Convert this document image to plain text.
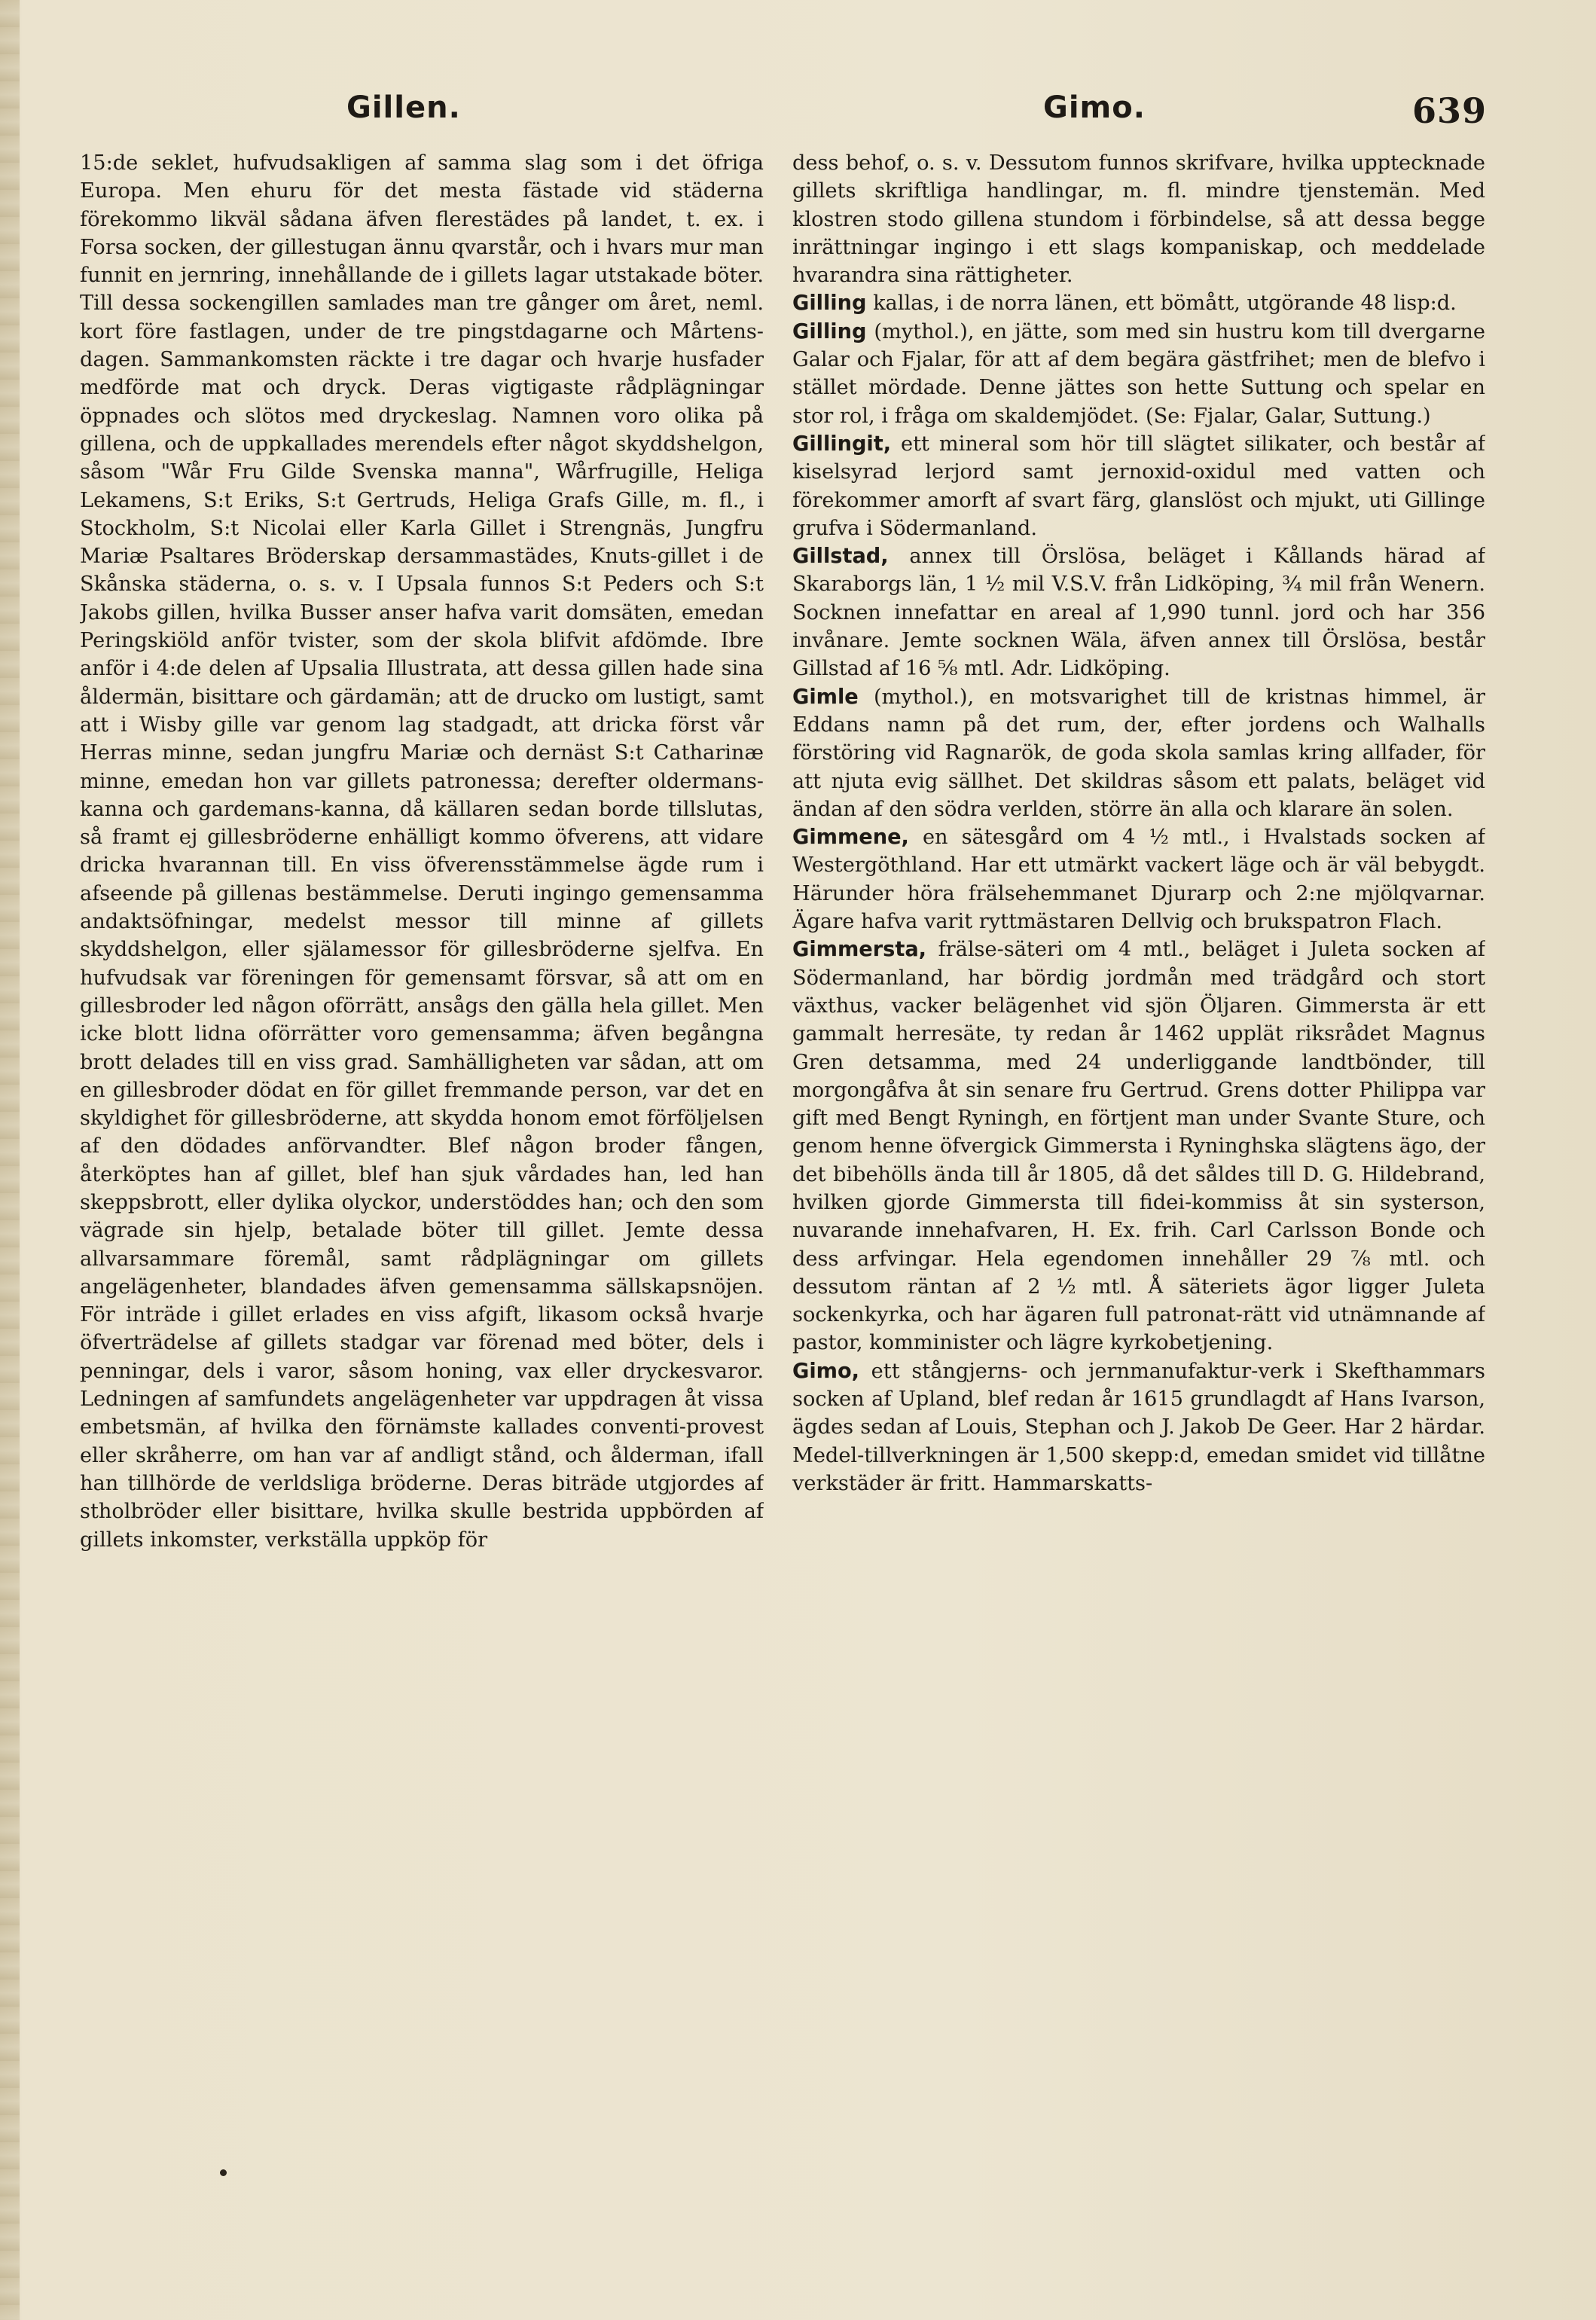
Gillen.	Gimo.	639

15:de seklet, hufvudsakligen af samma slag som i det öfriga Europa. Men ehuru för det mesta fästade vid städerna förekommo likväl sådana äfven flerestädes på landet, t. ex. i Forsa socken, der gillestugan ännu qvarstår, och i hvars mur man funnit en jernring, innehållande de i gillets lagar utstakade böter. Till dessa sockengillen samlades man tre gånger om året, neml. kort före fastlagen, under de tre pingstdagarne och Mårtens-dagen. Sammankomsten räckte i tre dagar och hvarje husfader medförde mat och dryck. Deras vigtigaste rådplägningar öppnades och slötos med dryckeslag. Namnen voro olika på gillena, och de uppkallades merendels efter något skyddshelgon, såsom "Wår Fru Gilde Svenska manna", Wårfrugille, Heliga Lekamens, S:t Eriks, S:t Gertruds, Heliga Grafs Gille, m. fl., i Stockholm, S:t Nicolai eller Karla Gillet i Strengnäs, Jungfru Mariæ Psaltares Bröderskap dersammastädes, Knuts-gillet i de Skånska städerna, o. s. v. I Upsala funnos S:t Peders och S:t Jakobs gillen, hvilka Busser anser hafva varit domsäten, emedan Peringskiöld anför tvister, som der skola blifvit afdömde. Ibre anför i 4:de delen af Upsalia Illustrata, att dessa gillen hade sina åldermän, bisittare och gärdamän; att de drucko om lustigt, samt att i Wisby gille var genom lag stadgadt, att dricka först vår Herras minne, sedan jungfru Mariæ och dernäst S:t Catharinæ minne, emedan hon var gillets patronessa; derefter oldermans-kanna och gardemans-kanna, då källaren sedan borde tillslutas, så framt ej gillesbröderne enhälligt kommo öfverens, att vidare dricka hvarannan till. En viss öfverensstämmelse ägde rum i afseende på gillenas bestämmelse. Deruti ingingo gemensamma andaktsöfningar, medelst messor till minne af gillets skyddshelgon, eller själamessor för gillesbröderne sjelfva. En hufvudsak var föreningen för gemensamt försvar, så att om en gillesbroder led någon oförrätt, ansågs den gälla hela gillet. Men icke blott lidna oförrätter voro gemensamma; äfven begångna brott delades till en viss grad. Samhälligheten var sådan, att om en gillesbroder dödat en för gillet fremmande person, var det en skyldighet för gillesbröderne, att skydda honom emot förföljelsen af den dödades anförvandter. Blef någon broder fången, återköptes han af gillet, blef han sjuk vårdades han, led han skeppsbrott, eller dylika olyckor, understöddes han; och den som vägrade sin hjelp, betalade böter till gillet. Jemte dessa allvarsammare föremål, samt rådplägningar om gillets angelägenheter, blandades äfven gemensamma sällskapsnöjen. För inträde i gillet erlades en viss afgift, likasom också hvarje öfverträdelse af gillets stadgar var förenad med böter, dels i penningar, dels i varor, såsom honing, vax eller dryckesvaror. Ledningen af samfundets angelägenheter var uppdragen åt vissa embetsmän, af hvilka den förnämste kallades conventi-provest eller skråherre, om han var af andligt stånd, och ålderman, ifall han tillhörde de verldsliga bröderne. Deras biträde utgjordes af stholbröder eller bisittare, hvilka skulle bestrida uppbörden af gillets inkomster, verkställa uppköp för

dess behof, o. s. v. Dessutom funnos skrifvare, hvilka upptecknade gillets skriftliga handlingar, m. fl. mindre tjenstemän. Med klostren stodo gillena stundom i förbindelse, så att dessa begge inrättningar ingingo i ett slags kompaniskap, och meddelade hvarandra sina rättigheter.

Gilling kallas, i de norra länen, ett bömått, utgörande 48 lisp:d.

Gilling (mythol.), en jätte, som med sin hustru kom till dvergarne Galar och Fjalar, för att af dem begära gästfrihet; men de blefvo i stället mördade. Denne jättes son hette Suttung och spelar en stor rol, i fråga om skaldemjödet. (Se: Fjalar, Galar, Suttung.)

Gillingit, ett mineral som hör till slägtet silikater, och består af kiselsyrad lerjord samt jernoxid-oxidul med vatten och förekommer amorft af svart färg, glanslöst och mjukt, uti Gillinge grufva i Södermanland.

Gillstad, annex till Örslösa, beläget i Kållands härad af Skaraborgs län, 1 ½ mil V.S.V. från Lidköping, ¾ mil från Wenern. Socknen innefattar en areal af 1,990 tunnl. jord och har 356 invånare. Jemte socknen Wäla, äfven annex till Örslösa, består Gillstad af 16 ⅝ mtl. Adr. Lidköping.

Gimle (mythol.), en motsvarighet till de kristnas himmel, är Eddans namn på det rum, der, efter jordens och Walhalls förstöring vid Ragnarök, de goda skola samlas kring allfader, för att njuta evig sällhet. Det skildras såsom ett palats, beläget vid ändan af den södra verlden, större än alla och klarare än solen.

Gimmene, en sätesgård om 4 ½ mtl., i Hvalstads socken af Westergöthland. Har ett utmärkt vackert läge och är väl bebygdt. Härunder höra frälsehemmanet Djurarp och 2:ne mjölqvarnar. Ägare hafva varit ryttmästaren Dellvig och brukspatron Flach.

Gimmersta, frälse-säteri om 4 mtl., beläget i Juleta socken af Södermanland, har bördig jordmån med trädgård och stort växthus, vacker belägenhet vid sjön Öljaren. Gimmersta är ett gammalt herresäte, ty redan år 1462 upplät riksrådet Magnus Gren detsamma, med 24 underliggande landtbönder, till morgongåfva åt sin senare fru Gertrud. Grens dotter Philippa var gift med Bengt Ryningh, en förtjent man under Svante Sture, och genom henne öfvergick Gimmersta i Ryninghska slägtens ägo, der det bibehölls ända till år 1805, då det såldes till D. G. Hildebrand, hvilken gjorde Gimmersta till fidei-kommiss åt sin systerson, nuvarande innehafvaren, H. Ex. frih. Carl Carlsson Bonde och dess arfvingar. Hela egendomen innehåller 29 ⅞ mtl. och dessutom räntan af 2 ½ mtl. Å säteriets ägor ligger Juleta sockenkyrka, och har ägaren full patronat-rätt vid utnämnande af pastor, komminister och lägre kyrkobetjening.

Gimo, ett stångjerns- och jernmanufaktur-verk i Skefthammars socken af Upland, blef redan år 1615 grundlagdt af Hans Ivarson, ägdes sedan af Louis, Stephan och J. Jakob De Geer. Har 2 härdar. Medel-tillverkningen är 1,500 skepp:d, emedan smidet vid tillåtne verkstäder är fritt. Hammarskatts-
